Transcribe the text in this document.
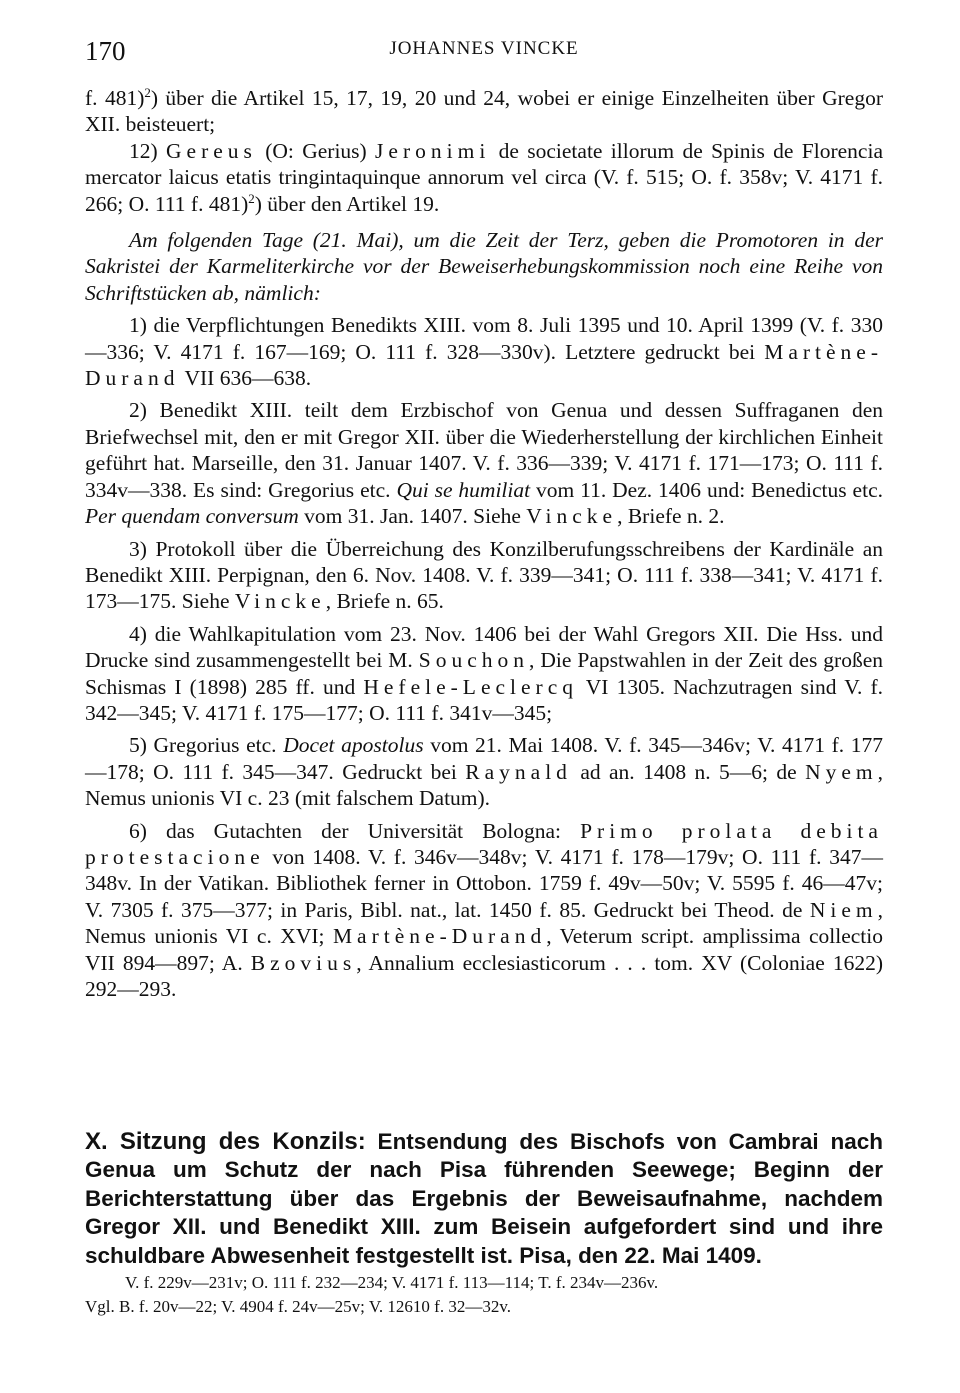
170	JOHANNES VINCKE

f. 481)$^2$) über die Artikel 15, 17, 19, 20 und 24, wobei er einige Einzelheiten über Gregor XII. beisteuert;

12) Gereus (O: Gerius) Jeronimi de societate illorum de Spinis de Florencia mercator laicus etatis tringintaquinque annorum vel circa (V. f. 515; O. f. 358v; V. 4171 f. 266; O. 111 f. 481)$^2$) über den Artikel 19.

Am folgenden Tage (21. Mai), um die Zeit der Terz, geben die Promotoren in der Sakristei der Karmeliterkirche vor der Beweiserhebungskommission noch eine Reihe von Schriftstücken ab, nämlich:

1) die Verpflichtungen Benedikts XIII. vom 8. Juli 1395 und 10. April 1399 (V. f. 330—336; V. 4171 f. 167—169; O. 111 f. 328—330v). Letztere gedruckt bei Martène-Durand VII 636—638.

2) Benedikt XIII. teilt dem Erzbischof von Genua und dessen Suffraganen den Briefwechsel mit, den er mit Gregor XII. über die Wiederherstellung der kirchlichen Einheit geführt hat. Marseille, den 31. Januar 1407. V. f. 336—339; V. 4171 f. 171—173; O. 111 f. 334v—338. Es sind: Gregorius etc. Qui se humiliat vom 11. Dez. 1406 und: Benedictus etc. Per quendam conversum vom 31. Jan. 1407. Siehe Vincke, Briefe n. 2.

3) Protokoll über die Überreichung des Konzilberufungsschreibens der Kardinäle an Benedikt XIII. Perpignan, den 6. Nov. 1408. V. f. 339—341; O. 111 f. 338—341; V. 4171 f. 173—175. Siehe Vincke, Briefe n. 65.

4) die Wahlkapitulation vom 23. Nov. 1406 bei der Wahl Gregors XII. Die Hss. und Drucke sind zusammengestellt bei M. Souchon, Die Papstwahlen in der Zeit des großen Schismas I (1898) 285 ff. und Hefele-Leclercq VI 1305. Nachzutragen sind V. f. 342—345; V. 4171 f. 175—177; O. 111 f. 341v—345;

5) Gregorius etc. Docet apostolus vom 21. Mai 1408. V. f. 345—346v; V. 4171 f. 177—178; O. 111 f. 345—347. Gedruckt bei Raynald ad an. 1408 n. 5—6; de Nyem, Nemus unionis VI c. 23 (mit falschem Datum).

6) das Gutachten der Universität Bologna: Primo prolata debita protestacione von 1408. V. f. 346v—348v; V. 4171 f. 178—179v; O. 111 f. 347—348v. In der Vatikan. Bibliothek ferner in Ottobon. 1759 f. 49v—50v; V. 5595 f. 46—47v; V. 7305 f. 375—377; in Paris, Bibl. nat., lat. 1450 f. 85. Gedruckt bei Theod. de Niem, Nemus unionis VI c. XVI; Martène-Durand, Veterum script. amplissima collectio VII 894—897; A. Bzovius, Annalium ecclesiasticorum . . . tom. XV (Coloniae 1622) 292—293.

X. Sitzung des Konzils: Entsendung des Bischofs von Cambrai nach Genua um Schutz der nach Pisa führenden Seewege; Beginn der Berichterstattung über das Ergebnis der Beweisaufnahme, nachdem Gregor XII. und Benedikt XIII. zum Beisein aufgefordert sind und ihre schuldbare Abwesenheit festgestellt ist. Pisa, den 22. Mai 1409.

V. f. 229v—231v; O. 111 f. 232—234; V. 4171 f. 113—114; T. f. 234v—236v.
Vgl. B. f. 20v—22; V. 4904 f. 24v—25v; V. 12610 f. 32—32v.
